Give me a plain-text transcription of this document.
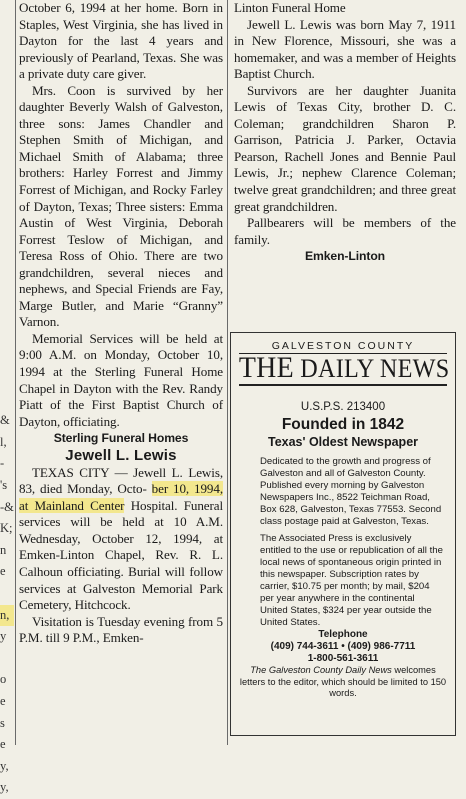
&
l,
-
's
-&
K;
n
e
n,
y
o
e
s
e
y,
y,

October 6, 1994 at her home. Born in Staples, West Virginia, she has lived in Dayton for the last 4 years and previously of Pearland, Texas. She was a private duty care giver.

Mrs. Coon is survived by her daughter Beverly Walsh of Galveston, three sons: James Chandler and Stephen Smith of Michigan, and Michael Smith of Alabama; three brothers: Harley Forrest and Jimmy Forrest of Michigan, and Rocky Farley of Dayton, Texas; Three sisters: Emma Austin of West Virginia, Deborah Forrest Teslow of Michigan, and Teresa Ross of Ohio. There are two grandchildren, several nieces and nephews, and Special Friends are Fay, Marge Butler, and Marie “Granny” Varnon.

Memorial Services will be held at 9:00 A.M. on Monday, October 10, 1994 at the Sterling Funeral Home Chapel in Dayton with the Rev. Randy Piatt of the First Baptist Church of Dayton, officiating.

Sterling Funeral Homes
Jewell L. Lewis

TEXAS CITY — Jewell L. Lewis, 83, died Monday, Octo- ber 10, 1994, at Mainland Center Hospital. Funeral services will be held at 10 A.M. Wednesday, October 12, 1994, at Emken-Linton Chapel, Rev. R. L. Calhoun officiating. Burial will follow services at Galveston Memorial Park Cemetery, Hitchcock.

Visitation is Tuesday evening from 5 P.M. till 9 P.M., Emken-

Linton Funeral Home

Jewell L. Lewis was born May 7, 1911 in New Florence, Missouri, she was a homemaker, and was a member of Heights Baptist Church.

Survivors are her daughter Juanita Lewis of Texas City, brother D. C. Coleman; grandchildren Sharon P. Garrison, Patricia J. Parker, Octavia Pearson, Rachell Jones and Bennie Paul Lewis, Jr.; nephew Clarence Coleman; twelve great grandchildren; and three great great grandchildren.

Pallbearers will be members of the family.

Emken-Linton
GALVESTON COUNTY
THE DAILY NEWS
U.S.P.S. 213400
Founded in 1842
Texas' Oldest Newspaper
Dedicated to the growth and progress of Galveston and all of Galveston County. Published every morning by Galveston Newspapers Inc., 8522 Teichman Road, Box 628, Galveston, Texas 77553. Second class postage paid at Galveston, Texas.
The Associated Press is exclusively entitled to the use or republication of all the local news of spontaneous origin printed in this newspaper. Subscription rates by carrier, $10.75 per month; by mail, $204 per year anywhere in the continental United States, $324 per year outside the United States.
Telephone
(409) 744-3611 • (409) 986-7711
1-800-561-3611
The Galveston County Daily News welcomes letters to the editor, which should be limited to 150 words.
